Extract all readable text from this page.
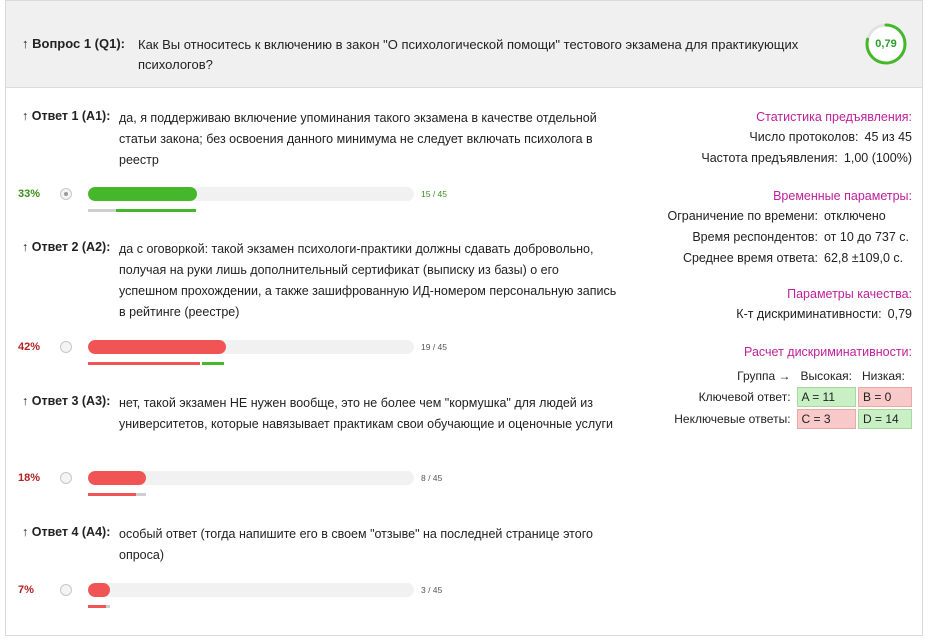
↑ Вопрос 1 (Q1): Как Вы относитесь к включению в закон "О психологической помощи" тестового экзамена для практикующих психологов?
0,79
↑ Ответ 1 (А1): да, я поддерживаю включение упоминания такого экзамена в качестве отдельной статьи закона; без освоения данного минимума не следует включать психолога в реестр
33%	15 / 45
↑ Ответ 2 (А2): да с оговоркой: такой экзамен психологи-практики должны сдавать добровольно, получая на руки лишь дополнительный сертификат (выписку из базы) о его успешном прохождении, а также зашифрованную ИД-номером персональную запись в рейтинге (реестре)
42%	19 / 45
↑ Ответ 3 (А3): нет, такой экзамен НЕ нужен вообще, это не более чем "кормушка" для людей из университетов, которые навязывает практикам свои обучающие и оценочные услуги
18%	8 / 45
↑ Ответ 4 (А4): особый ответ (тогда напишите его в своем "отзыве" на последней странице этого опроса)
7%	3 / 45
Статистика предъявления:
Число протоколов: 45 из 45
Частота предъявления: 1,00 (100%)
Временные параметры:
Ограничение по времени: отключено
Время респондентов: от 10 до 737 с.
Среднее время ответа: 62,8 ±109,0 с.
Параметры качества:
К-т дискриминативности: 0,79
Расчет дискриминативности:
Группа →	Высокая:	Низкая:
Ключевой ответ:	A = 11	B = 0
Неключевые ответы:	C = 3	D = 14
